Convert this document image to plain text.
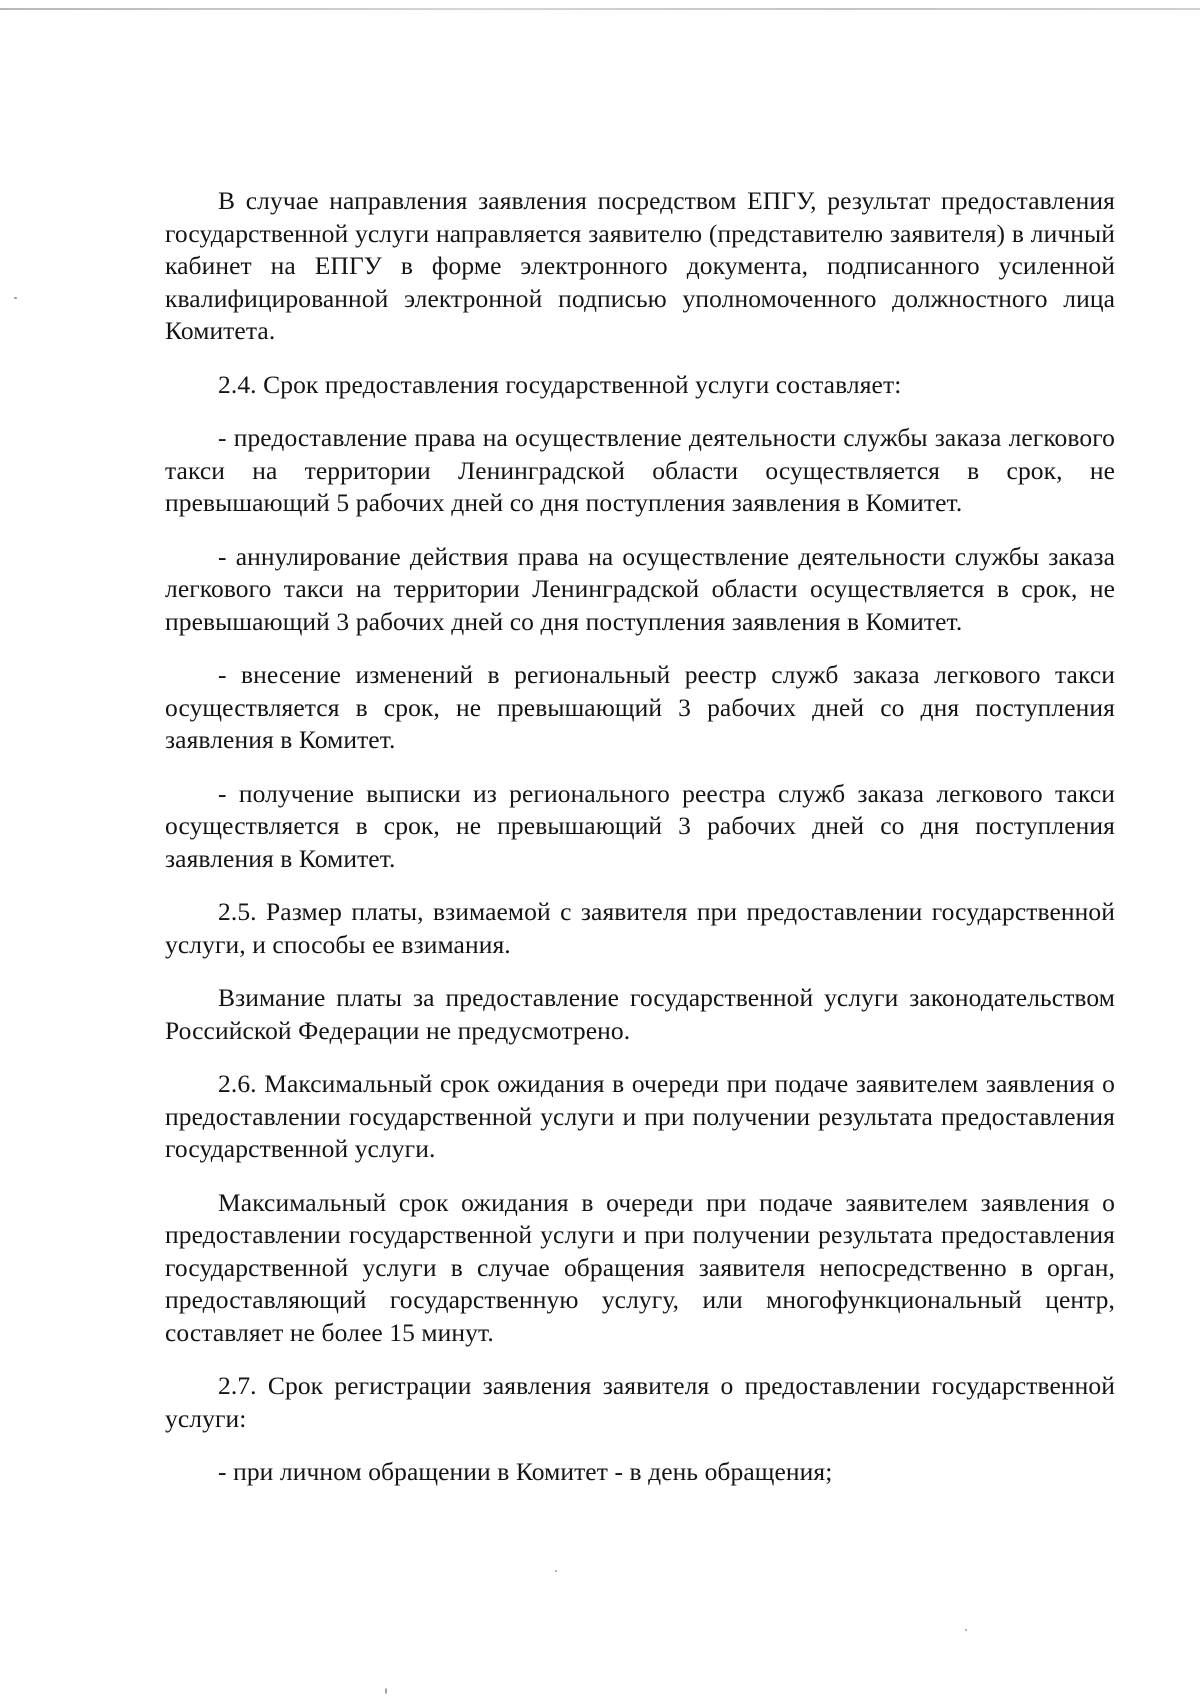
В случае направления заявления посредством ЕПГУ, результат предоставления государственной услуги направляется заявителю (представителю заявителя) в личный кабинет на ЕПГУ в форме электронного документа, подписанного усиленной квалифицированной электронной подписью уполномоченного должностного лица Комитета.

2.4. Срок предоставления государственной услуги составляет:

- предоставление права на осуществление деятельности службы заказа легкового такси на территории Ленинградской области осуществляется в срок, не превышающий 5 рабочих дней со дня поступления заявления в Комитет.

- аннулирование действия права на осуществление деятельности службы заказа легкового такси на территории Ленинградской области осуществляется в срок, не превышающий 3 рабочих дней со дня поступления заявления в Комитет.

- внесение изменений в региональный реестр служб заказа легкового такси осуществляется в срок, не превышающий 3 рабочих дней со дня поступления заявления в Комитет.

- получение выписки из регионального реестра служб заказа легкового такси осуществляется в срок, не превышающий 3 рабочих дней со дня поступления заявления в Комитет.

2.5. Размер платы, взимаемой с заявителя при предоставлении государственной услуги, и способы ее взимания.

Взимание платы за предоставление государственной услуги законодательством Российской Федерации не предусмотрено.

2.6. Максимальный срок ожидания в очереди при подаче заявителем заявления о предоставлении государственной услуги и при получении результата предоставления государственной услуги.

Максимальный срок ожидания в очереди при подаче заявителем заявления о предоставлении государственной услуги и при получении результата предоставления государственной услуги в случае обращения заявителя непосредственно в орган, предоставляющий государственную услугу, или многофункциональный центр, составляет не более 15 минут.

2.7. Срок регистрации заявления заявителя о предоставлении государственной услуги:

- при личном обращении в Комитет - в день обращения;
